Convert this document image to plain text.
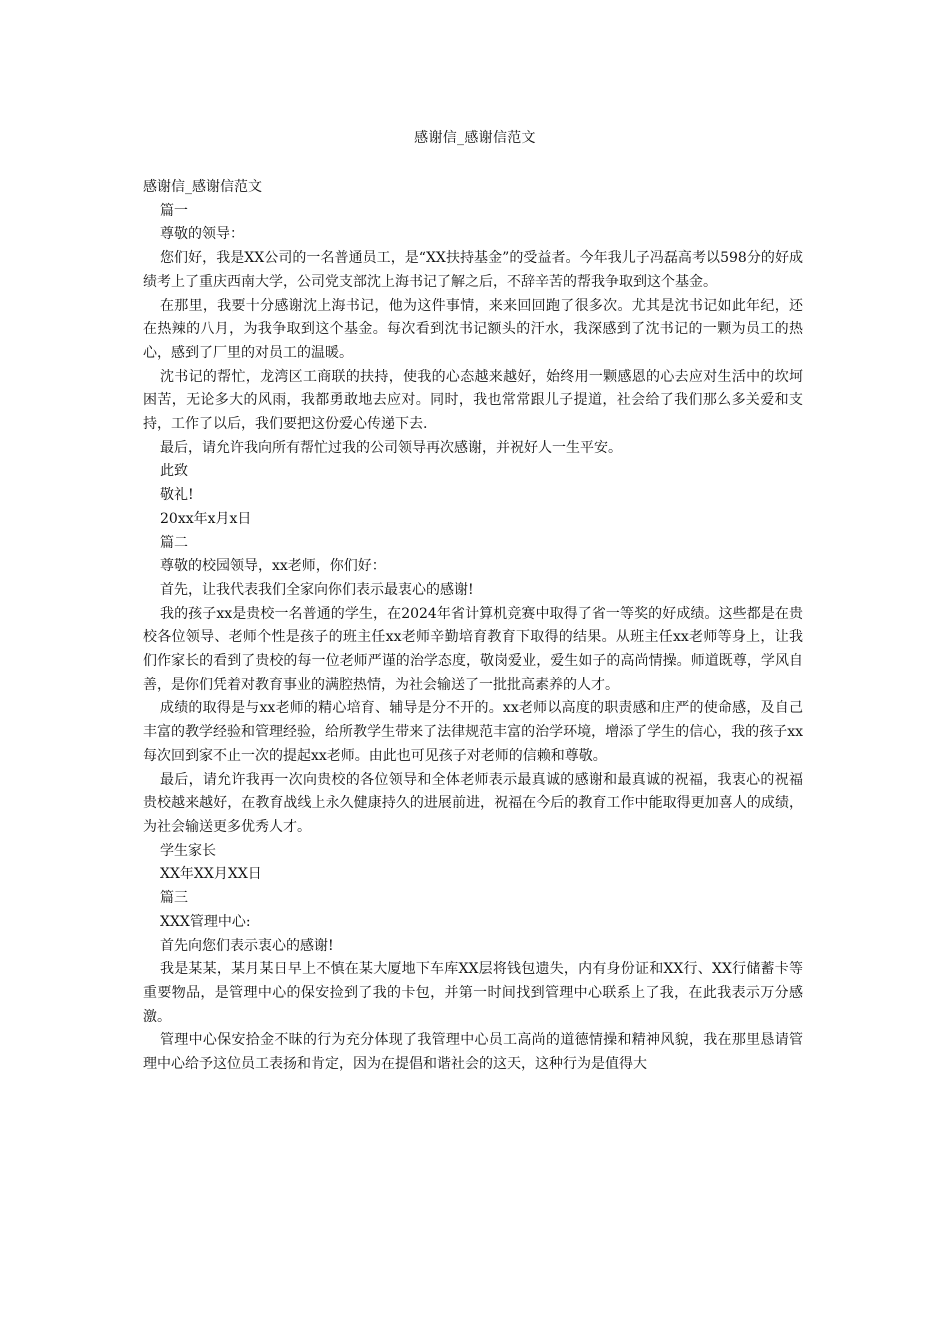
感谢信_感谢信范文

感谢信_感谢信范文

篇一

尊敬的领导：

您们好，我是XX公司的一名普通员工，是“XX扶持基金”的受益者。今年我儿子冯磊高考以598分的好成绩考上了重庆西南大学，公司党支部沈上海书记了解之后，不辞辛苦的帮我争取到这个基金。

在那里，我要十分感谢沈上海书记，他为这件事情，来来回回跑了很多次。尤其是沈书记如此年纪，还在热辣的八月，为我争取到这个基金。每次看到沈书记额头的汗水，我深感到了沈书记的一颗为员工的热心，感到了厂里的对员工的温暖。

沈书记的帮忙，龙湾区工商联的扶持，使我的心态越来越好，始终用一颗感恩的心去应对生活中的坎坷困苦，无论多大的风雨，我都勇敢地去应对。同时，我也常常跟儿子提道，社会给了我们那么多关爱和支持，工作了以后，我们要把这份爱心传递下去.

最后，请允许我向所有帮忙过我的公司领导再次感谢，并祝好人一生平安。

此致

敬礼!

20xx年x月x日

篇二

尊敬的校园领导，xx老师，你们好：

首先，让我代表我们全家向你们表示最衷心的感谢!

我的孩子xx是贵校一名普通的学生，在2024年省计算机竞赛中取得了省一等奖的好成绩。这些都是在贵校各位领导、老师个性是孩子的班主任xx老师辛勤培育教育下取得的结果。从班主任xx老师等身上，让我们作家长的看到了贵校的每一位老师严谨的治学态度，敬岗爱业，爱生如子的高尚情操。师道既尊，学风自善，是你们凭着对教育事业的满腔热情，为社会输送了一批批高素养的人才。

成绩的取得是与xx老师的精心培育、辅导是分不开的。xx老师以高度的职责感和庄严的使命感，及自己丰富的教学经验和管理经验，给所教学生带来了法律规范丰富的治学环境，增添了学生的信心，我的孩子xx每次回到家不止一次的提起xx老师。由此也可见孩子对老师的信赖和尊敬。

最后，请允许我再一次向贵校的各位领导和全体老师表示最真诚的感谢和最真诚的祝福，我衷心的祝福贵校越来越好，在教育战线上永久健康持久的进展前进，祝福在今后的教育工作中能取得更加喜人的成绩，为社会输送更多优秀人才。

学生家长

XX年XX月XX日

篇三

XXX管理中心:

首先向您们表示衷心的感谢!

我是某某，某月某日早上不慎在某大厦地下车库XX层将钱包遗失，内有身份证和XX行、XX行储蓄卡等重要物品，是管理中心的保安捡到了我的卡包，并第一时间找到管理中心联系上了我，在此我表示万分感激。

管理中心保安拾金不昧的行为充分体现了我管理中心员工高尚的道德情操和精神风貌，我在那里恳请管理中心给予这位员工表扬和肯定，因为在提倡和谐社会的这天，这种行为是值得大
